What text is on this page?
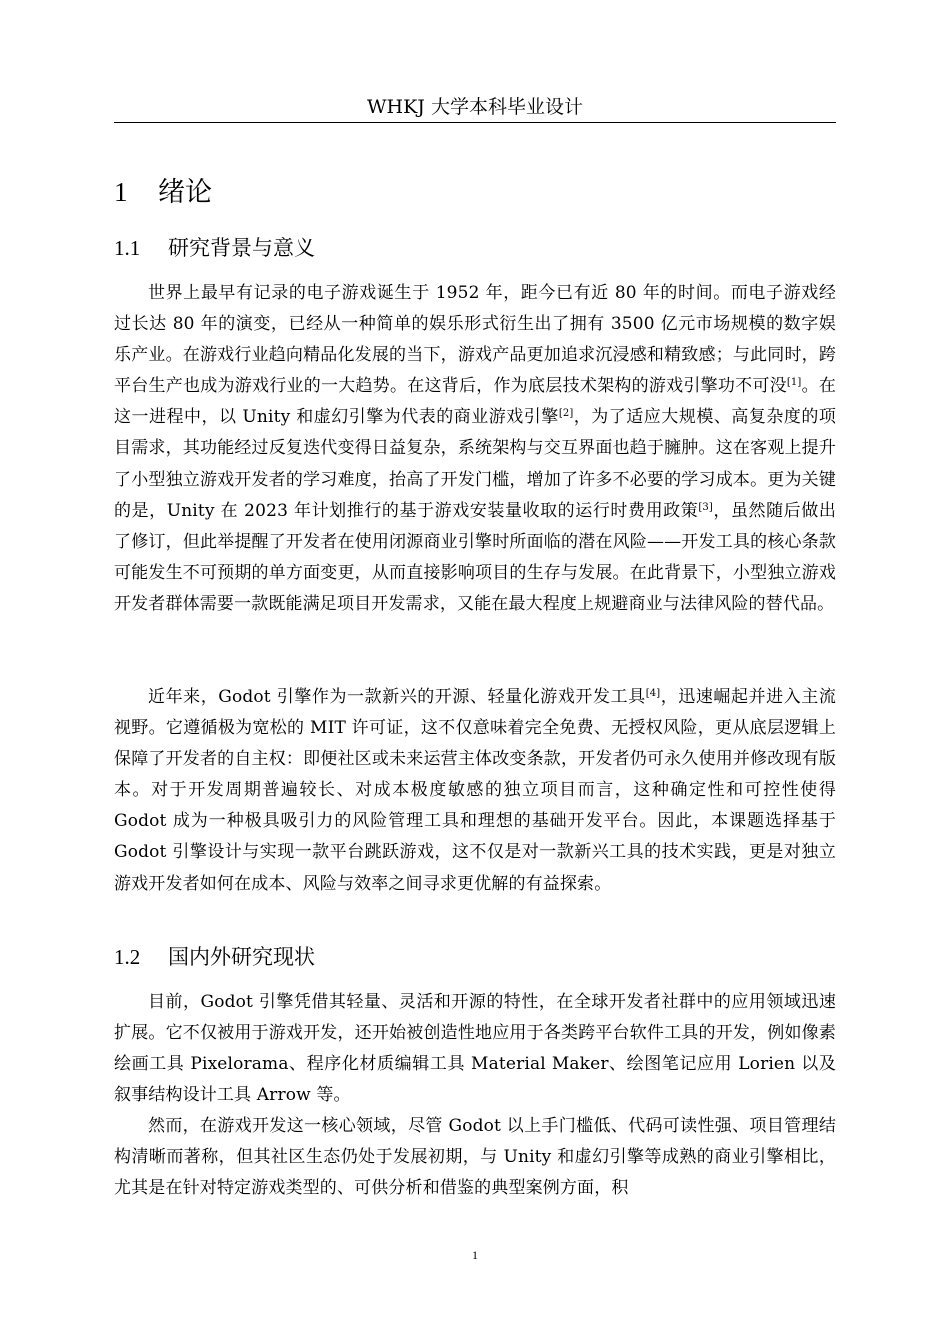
WHKJ 大学本科毕业设计
1 绪论
1.1 研究背景与意义

世界上最早有记录的电子游戏诞生于 1952 年，距今已有近 80 年的时间。而电子游戏经过长达 80 年的演变，已经从一种简单的娱乐形式衍生出了拥有 3500 亿元市场规模的数字娱乐产业。在游戏行业趋向精品化发展的当下，游戏产品更加追求沉浸感和精致感；与此同时，跨平台生产也成为游戏行业的一大趋势。在这背后，作为底层技术架构的游戏引擎功不可没[1]。在这一进程中，以 Unity 和虚幻引擎为代表的商业游戏引擎[2]，为了适应大规模、高复杂度的项目需求，其功能经过反复迭代变得日益复杂，系统架构与交互界面也趋于臃肿。这在客观上提升了小型独立游戏开发者的学习难度，抬高了开发门槛，增加了许多不必要的学习成本。更为关键的是，Unity 在 2023 年计划推行的基于游戏安装量收取的运行时费用政策[3]，虽然随后做出了修订，但此举提醒了开发者在使用闭源商业引擎时所面临的潜在风险——开发工具的核心条款可能发生不可预期的单方面变更，从而直接影响项目的生存与发展。在此背景下，小型独立游戏开发者群体需要一款既能满足项目开发需求，又能在最大程度上规避商业与法律风险的替代品。

近年来，Godot 引擎作为一款新兴的开源、轻量化游戏开发工具[4]，迅速崛起并进入主流视野。它遵循极为宽松的 MIT 许可证，这不仅意味着完全免费、无授权风险，更从底层逻辑上保障了开发者的自主权：即便社区或未来运营主体改变条款，开发者仍可永久使用并修改现有版本。对于开发周期普遍较长、对成本极度敏感的独立项目而言，这种确定性和可控性使得 Godot 成为一种极具吸引力的风险管理工具和理想的基础开发平台。因此，本课题选择基于 Godot 引擎设计与实现一款平台跳跃游戏，这不仅是对一款新兴工具的技术实践，更是对独立游戏开发者如何在成本、风险与效率之间寻求更优解的有益探索。

1.2 国内外研究现状

目前，Godot 引擎凭借其轻量、灵活和开源的特性，在全球开发者社群中的应用领域迅速扩展。它不仅被用于游戏开发，还开始被创造性地应用于各类跨平台软件工具的开发，例如像素绘画工具 Pixelorama、程序化材质编辑工具 Material Maker、绘图笔记应用 Lorien 以及叙事结构设计工具 Arrow 等。

然而，在游戏开发这一核心领域，尽管 Godot 以上手门槛低、代码可读性强、项目管理结构清晰而著称，但其社区生态仍处于发展初期，与 Unity 和虚幻引擎等成熟的商业引擎相比，尤其是在针对特定游戏类型的、可供分析和借鉴的典型案例方面，积

1
